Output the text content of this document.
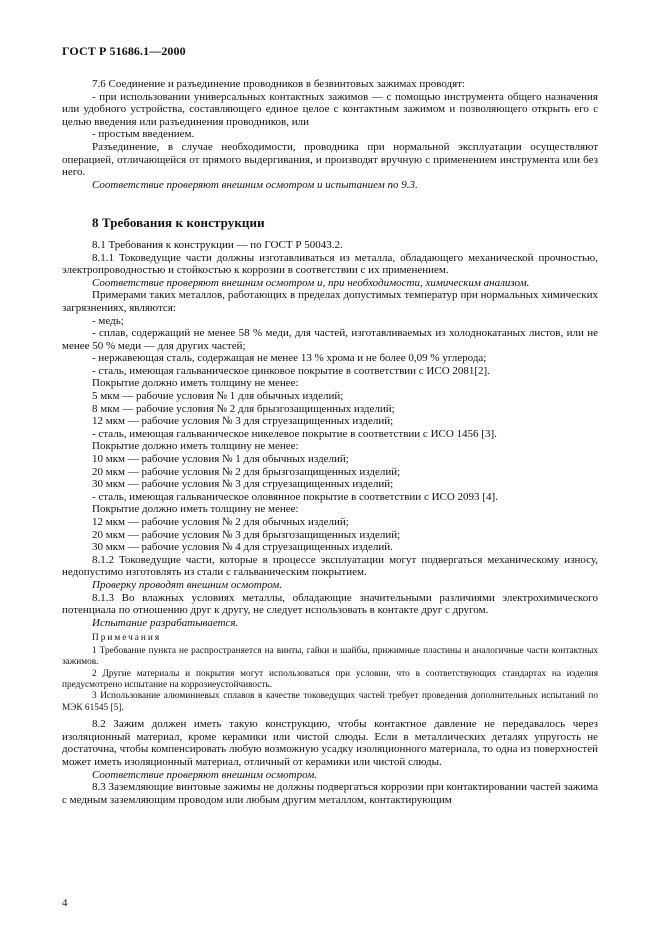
ГОСТ Р 51686.1—2000

7.6 Соединение и разъединение проводников в безвинтовых зажимах проводят:

- при использовании универсальных контактных зажимов — с помощью инструмента общего назначения или удобного устройства, составляющего единое целое с контактным зажимом и позволяющего открыть его с целью введения или разъединения проводников, или

- простым введением.

Разъединение, в случае необходимости, проводника при нормальной эксплуатации осуществляют операцией, отличающейся от прямого выдергивания, и производят вручную с применением инструмента или без него.

Соответствие проверяют внешним осмотром и испытанием по 9.3.

8 Требования к конструкции

8.1 Требования к конструкции — по ГОСТ Р 50043.2.

8.1.1 Токоведущие части должны изготавливаться из металла, обладающего механической прочностью, электропроводностью и стойкостью к коррозии в соответствии с их применением.

Соответствие проверяют внешним осмотром и, при необходимости, химическим анализом.

Примерами таких металлов, работающих в пределах допустимых температур при нормальных химических загрязнениях, являются:

- медь;

- сплав, содержащий не менее 58 % меди, для частей, изготавливаемых из холоднокатаных листов, или не менее 50 % меди — для других частей;

- нержавеющая сталь, содержащая не менее 13 % хрома и не более 0,09 % углерода;

- сталь, имеющая гальваническое цинковое покрытие в соответствии с ИСО 2081[2].

Покрытие должно иметь толщину не менее:

5 мкм — рабочие условия № 1 для обычных изделий;

8 мкм — рабочие условия № 2 для брызгозащищенных изделий;

12 мкм — рабочие условия № 3 для струезащищенных изделий;

- сталь, имеющая гальваническое никелевое покрытие в соответствии с ИСО 1456 [3].

Покрытие должно иметь толщину не менее:

10 мкм — рабочие условия № 1 для обычных изделий;

20 мкм — рабочие условия № 2 для брызгозащищенных изделий;

30 мкм — рабочие условия № 3 для струезащищенных изделий;

- сталь, имеющая гальваническое оловянное покрытие в соответствии с ИСО 2093 [4].

Покрытие должно иметь толщину не менее:

12 мкм — рабочие условия № 2 для обычных изделий;

20 мкм — рабочие условия № 3 для брызгозащищенных изделий;

30 мкм — рабочие условия № 4 для струезащищенных изделий.

8.1.2 Токоведущие части, которые в процессе эксплуатации могут подвергаться механическому износу, недопустимо изготовлять из стали с гальваническим покрытием.

Проверку проводят внешним осмотром.

8.1.3 Во влажных условиях металлы, обладающие значительными различиями электрохимического потенциала по отношению друг к другу, не следует использовать в контакте друг с другом.

Испытание разрабатывается.

Примечания

1 Требование пункта не распространяется на винты, гайки и шайбы, прижимные пластины и аналогичные части контактных зажимов.

2 Другие материалы и покрытия могут использоваться при условии, что в соответствующих стандартах на изделия предусмотрено испытание на коррозиеустойчивость.

3 Использование алюминиевых сплавов в качестве токоведущих частей требует проведения дополнительных испытаний по МЭК 61545 [5].

8.2 Зажим должен иметь такую конструкцию, чтобы контактное давление не передавалось через изоляционный материал, кроме керамики или чистой слюды. Если в металлических деталях упругость не достаточна, чтобы компенсировать любую возможную усадку изоляционного материала, то одна из поверхностей может иметь изоляционный материал, отличный от керамики или чистой слюды.

Соответствие проверяют внешним осмотром.

8.3 Заземляющие винтовые зажимы не должны подвергаться коррозии при контактировании частей зажима с медным заземляющим проводом или любым другим металлом, контактирующим

4
